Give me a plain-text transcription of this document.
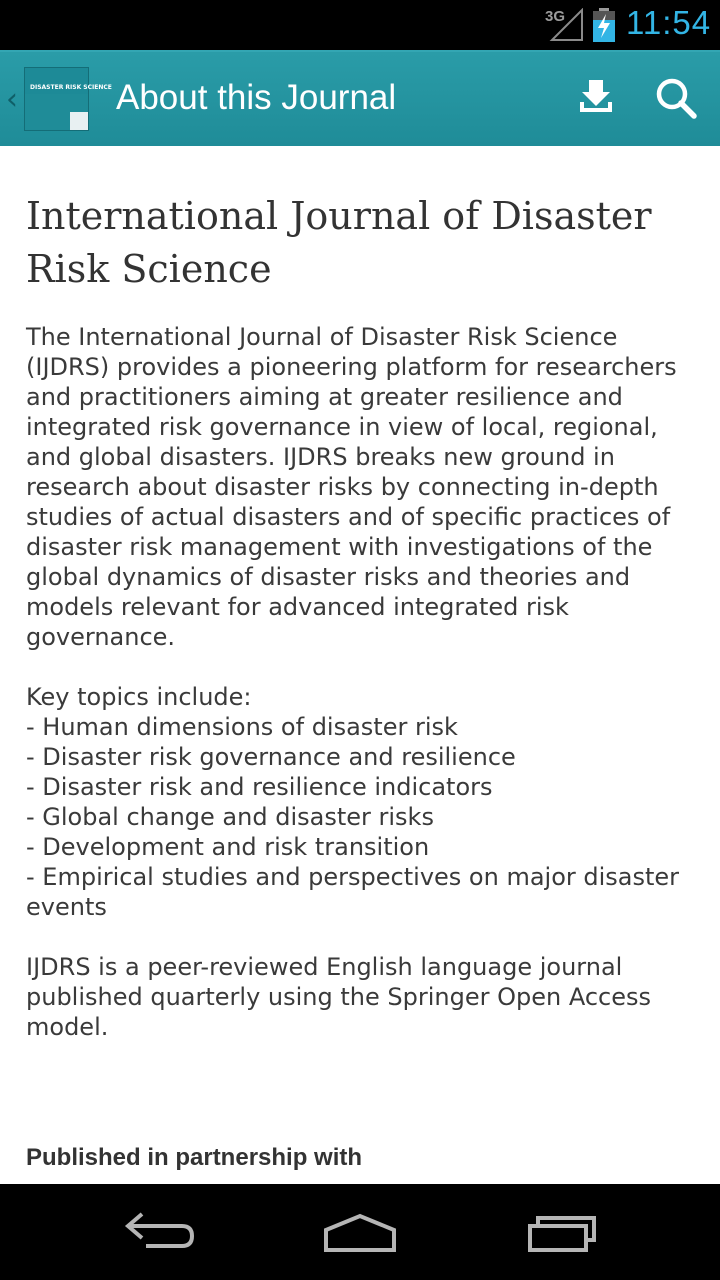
3G 11:54
‹ DISASTER RISK SCIENCE About this Journal
International Journal of Disaster Risk Science

The International Journal of Disaster Risk Science (IJDRS) provides a pioneering platform for researchers and practitioners aiming at greater resilience and integrated risk governance in view of local, regional, and global disasters. IJDRS breaks new ground in research about disaster risks by connecting in-depth studies of actual disasters and of specific practices of disaster risk management with investigations of the global dynamics of disaster risks and theories and models relevant for advanced integrated risk governance.

Key topics include:

- Human dimensions of disaster risk
- Disaster risk governance and resilience
- Disaster risk and resilience indicators
- Global change and disaster risks
- Development and risk transition
- Empirical studies and perspectives on major disaster events

IJDRS is a peer-reviewed English language journal published quarterly using the Springer Open Access model.

Published in partnership with
